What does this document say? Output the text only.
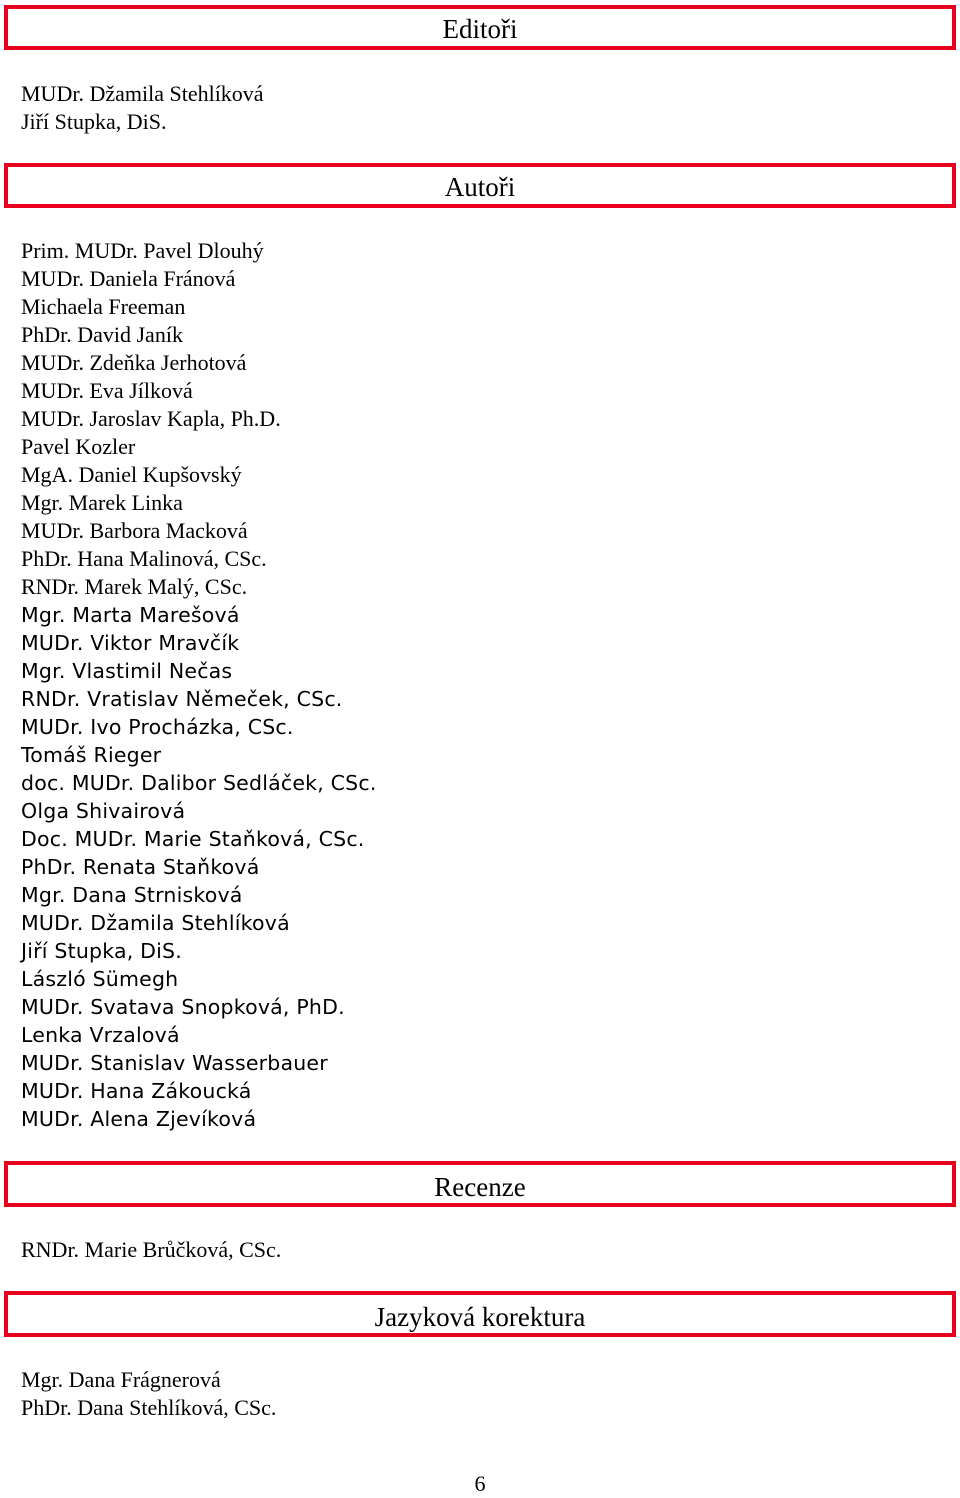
Editoři
MUDr. Džamila Stehlíková
Jiří Stupka, DiS.
Autoři
Prim. MUDr. Pavel Dlouhý
MUDr. Daniela Fránová
Michaela Freeman
PhDr. David Janík
MUDr. Zdeňka Jerhotová
MUDr. Eva Jílková
MUDr. Jaroslav Kapla, Ph.D.
Pavel Kozler
MgA. Daniel Kupšovský
Mgr. Marek Linka
MUDr. Barbora Macková
PhDr. Hana Malinová, CSc.
RNDr. Marek Malý, CSc.
Mgr. Marta Marešová
MUDr. Viktor Mravčík
Mgr. Vlastimil Nečas
RNDr. Vratislav Němeček, CSc.
MUDr. Ivo Procházka, CSc.
Tomáš Rieger
doc. MUDr. Dalibor Sedláček, CSc.
Olga Shivairová
Doc. MUDr. Marie Staňková, CSc.
PhDr. Renata Staňková
Mgr. Dana Strnisková
MUDr. Džamila Stehlíková
Jiří Stupka, DiS.
László Sümegh
MUDr. Svatava Snopková, PhD.
Lenka Vrzalová
MUDr. Stanislav Wasserbauer
MUDr. Hana Zákoucká
MUDr. Alena Zjevíková
Recenze
RNDr. Marie Brůčková, CSc.
Jazyková korektura
Mgr. Dana Frágnerová
PhDr. Dana Stehlíková, CSc.
6
